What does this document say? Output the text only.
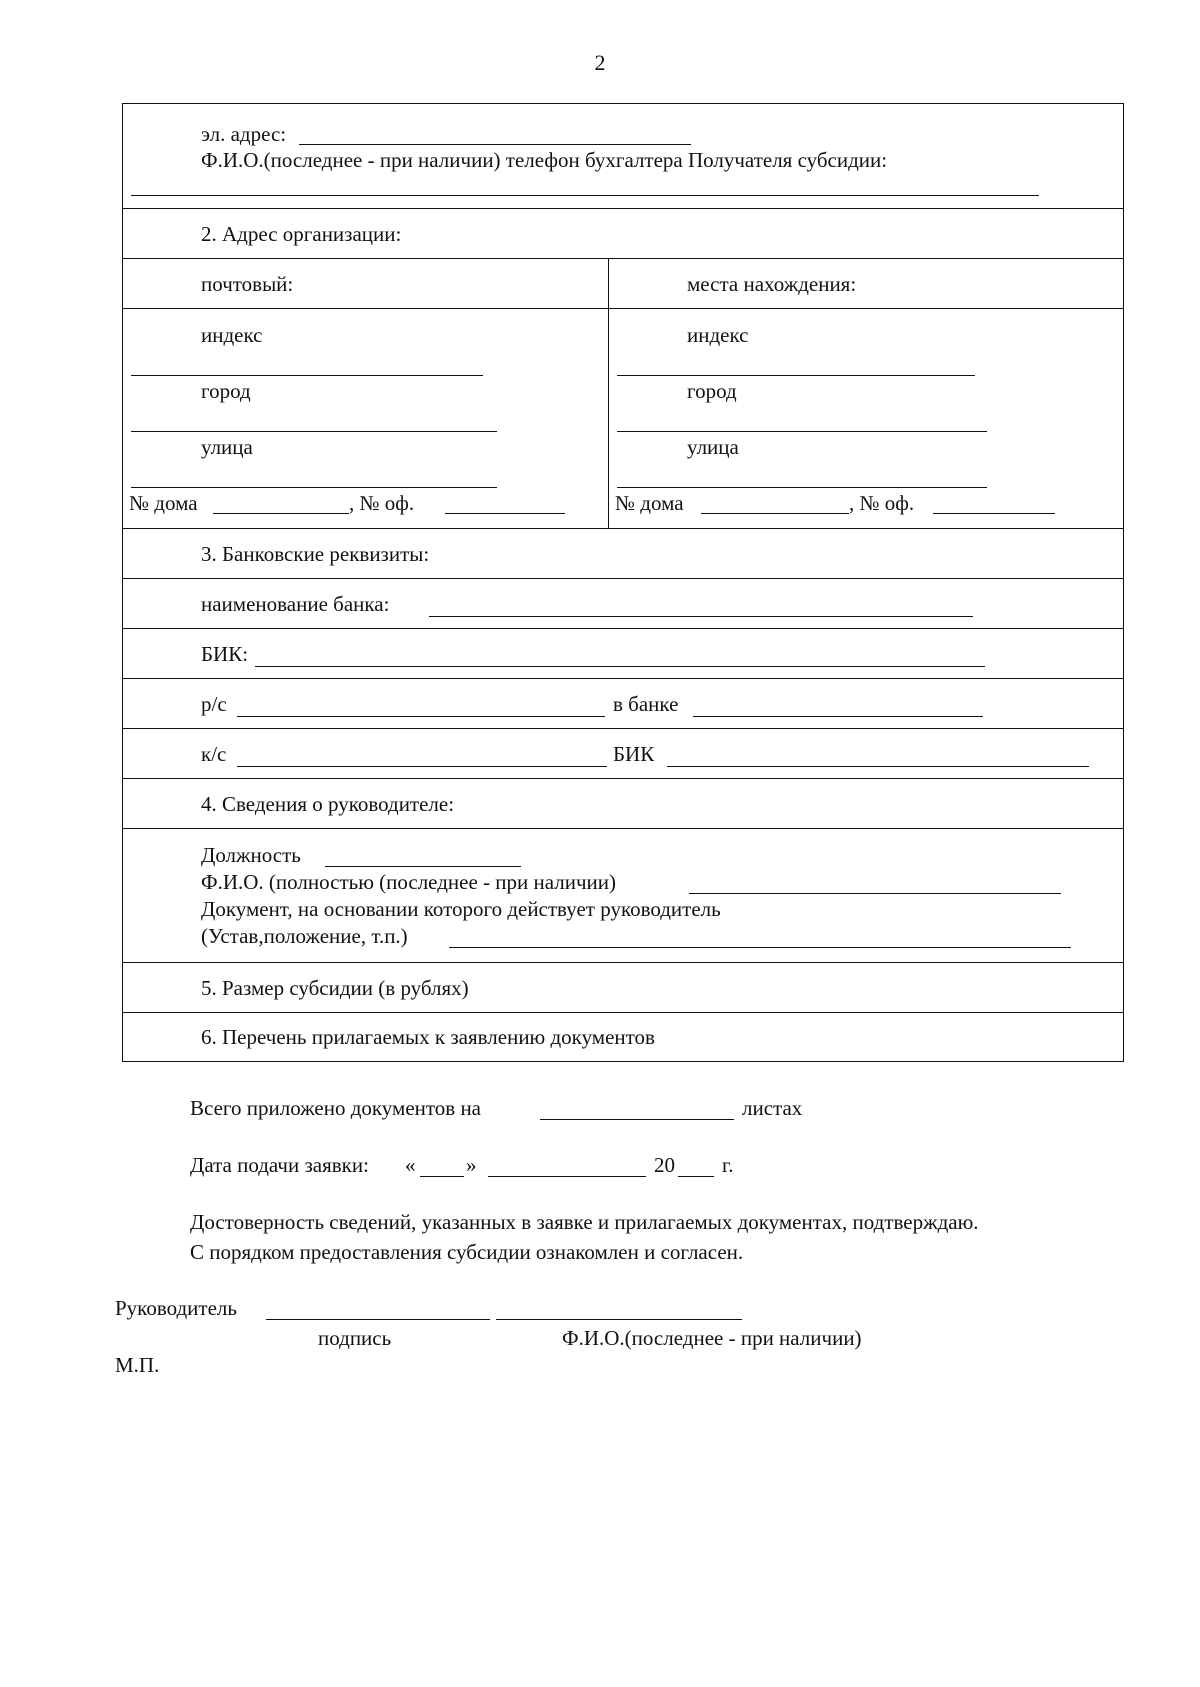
2
эл. адрес:
Ф.И.О.(последнее - при наличии) телефон бухгалтера Получателя субсидии:
2. Адрес организации:
почтовый:	места нахождения:
индекс
город
улица
№ дома	, № оф.
индекс
город
улица
№ дома	, № оф.
3. Банковские реквизиты:
наименование банка:
БИК:
р/с	в банке
к/с	БИК
4. Сведения о руководителе:
Должность
Ф.И.О. (полностью (последнее - при наличии)
Документ, на основании которого действует руководитель
(Устав,положение, т.п.)
5. Размер субсидии (в рублях)
6. Перечень прилагаемых к заявлению документов
Всего приложено документов на	листах
Дата подачи заявки: « »	20 г.
Достоверность сведений, указанных в заявке и прилагаемых документах, подтверждаю.
С порядком предоставления субсидии ознакомлен и согласен.
Руководитель
подпись	Ф.И.О.(последнее - при наличии)
М.П.
